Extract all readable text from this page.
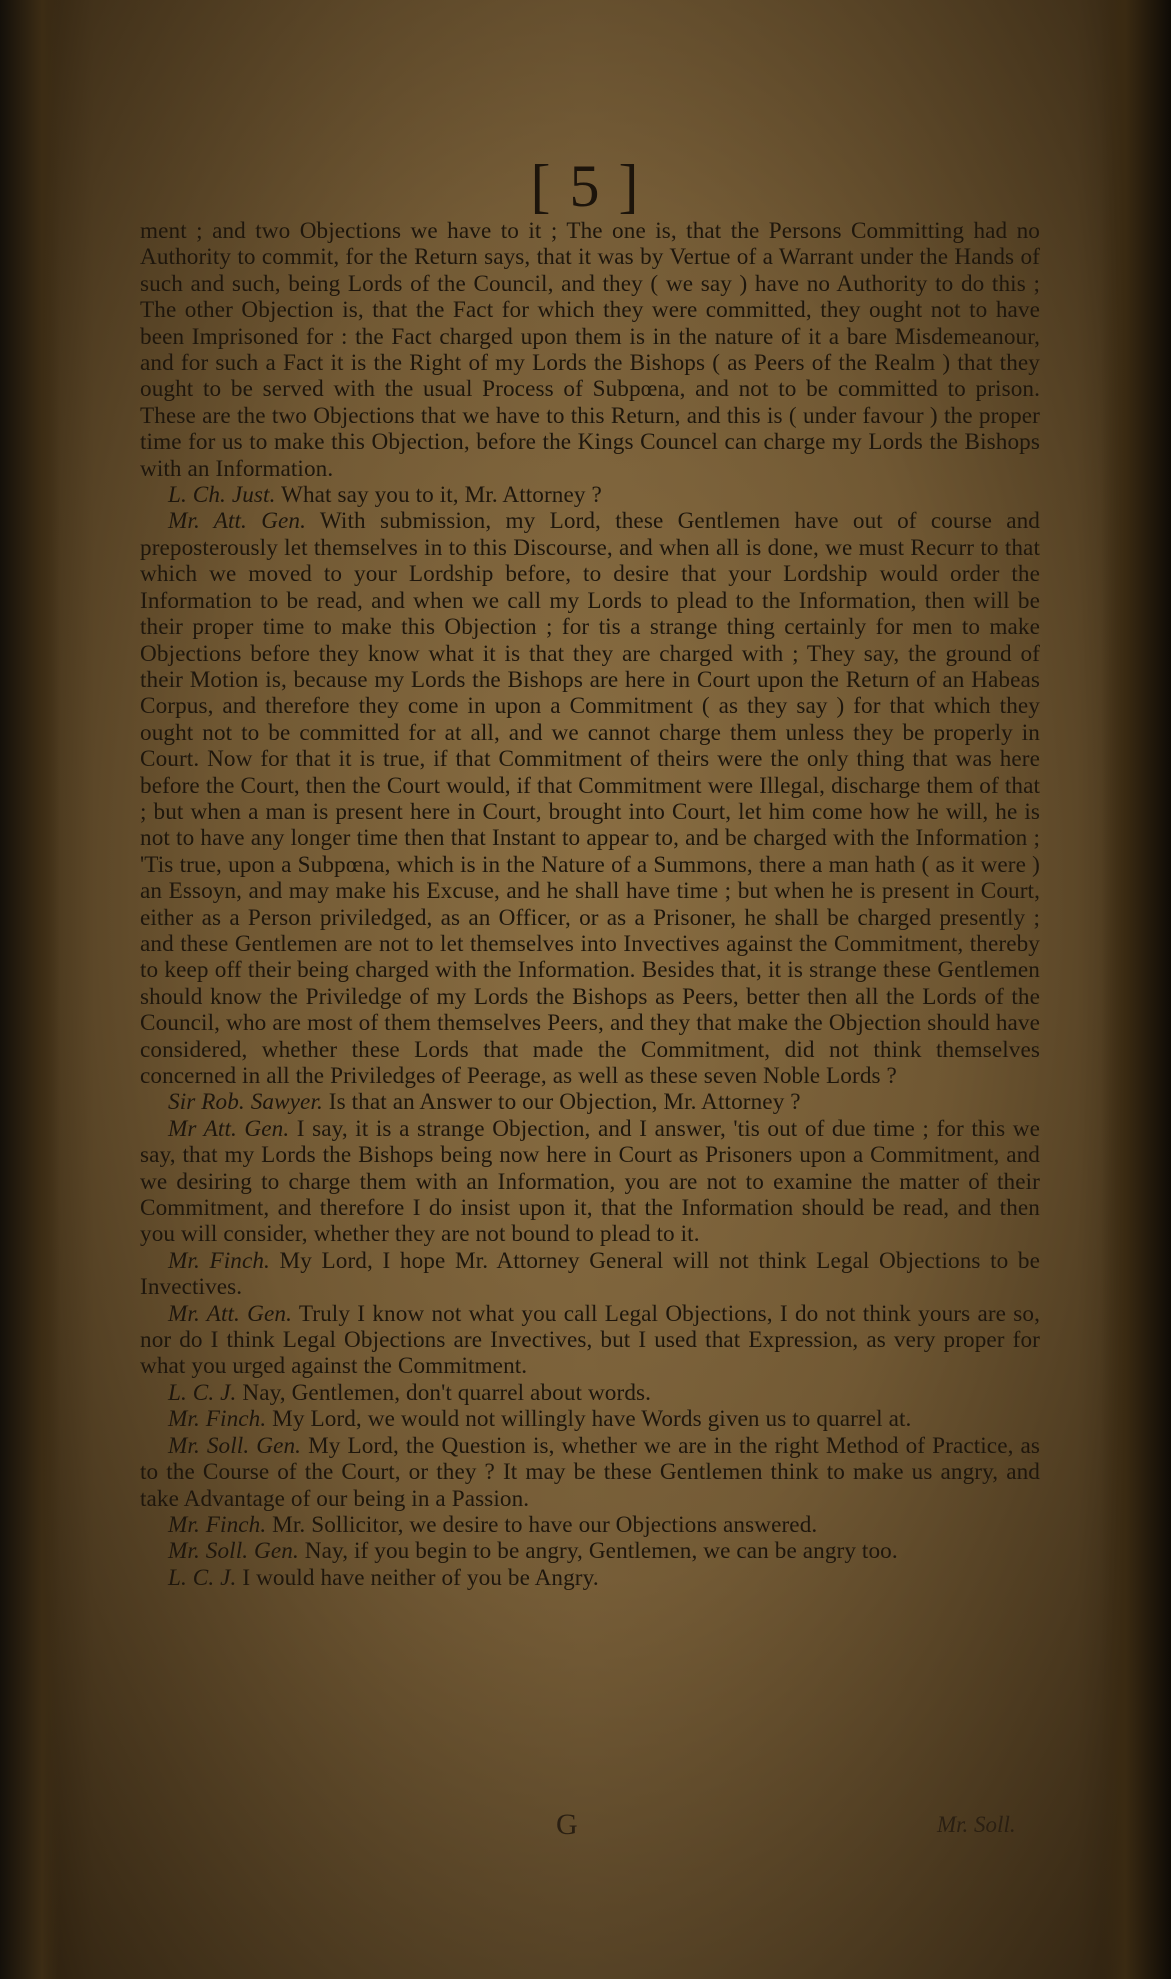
[ 5 ]

ment ; and two Objections we have to it ; The one is, that the Persons Committing had no Authority to commit, for the Return says, that it was by Vertue of a Warrant under the Hands of such and such, being Lords of the Council, and they ( we say ) have no Authority to do this ; The other Objection is, that the Fact for which they were committed, they ought not to have been Imprisoned for : the Fact charged upon them is in the nature of it a bare Misdemeanour, and for such a Fact it is the Right of my Lords the Bishops ( as Peers of the Realm ) that they ought to be served with the usual Process of Subpœna, and not to be committed to prison. These are the two Objections that we have to this Return, and this is ( under favour ) the proper time for us to make this Objection, before the Kings Councel can charge my Lords the Bishops with an Information.

L. Ch. Just. What say you to it, Mr. Attorney ?

Mr. Att. Gen. With submission, my Lord, these Gentlemen have out of course and preposterously let themselves in to this Discourse, and when all is done, we must Recurr to that which we moved to your Lordship before, to desire that your Lordship would order the Information to be read, and when we call my Lords to plead to the Information, then will be their proper time to make this Objection ; for tis a strange thing certainly for men to make Objections before they know what it is that they are charged with ; They say, the ground of their Motion is, because my Lords the Bishops are here in Court upon the Return of an Habeas Corpus, and therefore they come in upon a Commitment ( as they say ) for that which they ought not to be committed for at all, and we cannot charge them unless they be properly in Court. Now for that it is true, if that Commitment of theirs were the only thing that was here before the Court, then the Court would, if that Commitment were Illegal, discharge them of that ; but when a man is present here in Court, brought into Court, let him come how he will, he is not to have any longer time then that Instant to appear to, and be charged with the Information ; 'Tis true, upon a Subpœna, which is in the Nature of a Summons, there a man hath ( as it were ) an Essoyn, and may make his Excuse, and he shall have time ; but when he is present in Court, either as a Person priviledged, as an Officer, or as a Prisoner, he shall be charged presently ; and these Gentlemen are not to let themselves into Invectives against the Commitment, thereby to keep off their being charged with the Information. Besides that, it is strange these Gentlemen should know the Priviledge of my Lords the Bishops as Peers, better then all the Lords of the Council, who are most of them themselves Peers, and they that make the Objection should have considered, whether these Lords that made the Commitment, did not think themselves concerned in all the Priviledges of Peerage, as well as these seven Noble Lords ?

Sir Rob. Sawyer. Is that an Answer to our Objection, Mr. Attorney ?

Mr Att. Gen. I say, it is a strange Objection, and I answer, 'tis out of due time ; for this we say, that my Lords the Bishops being now here in Court as Prisoners upon a Commitment, and we desiring to charge them with an Information, you are not to examine the matter of their Commitment, and therefore I do insist upon it, that the Information should be read, and then you will consider, whether they are not bound to plead to it.

Mr. Finch. My Lord, I hope Mr. Attorney General will not think Legal Objections to be Invectives.

Mr. Att. Gen. Truly I know not what you call Legal Objections, I do not think yours are so, nor do I think Legal Objections are Invectives, but I used that Expression, as very proper for what you urged against the Commitment.

L. C. J. Nay, Gentlemen, don't quarrel about words.

Mr. Finch. My Lord, we would not willingly have Words given us to quarrel at.

Mr. Soll. Gen. My Lord, the Question is, whether we are in the right Method of Practice, as to the Course of the Court, or they ? It may be these Gentlemen think to make us angry, and take Advantage of our being in a Passion.

Mr. Finch. Mr. Sollicitor, we desire to have our Objections answered.

Mr. Soll. Gen. Nay, if you begin to be angry, Gentlemen, we can be angry too.

L. C. J. I would have neither of you be Angry.

G	Mr. Soll.
